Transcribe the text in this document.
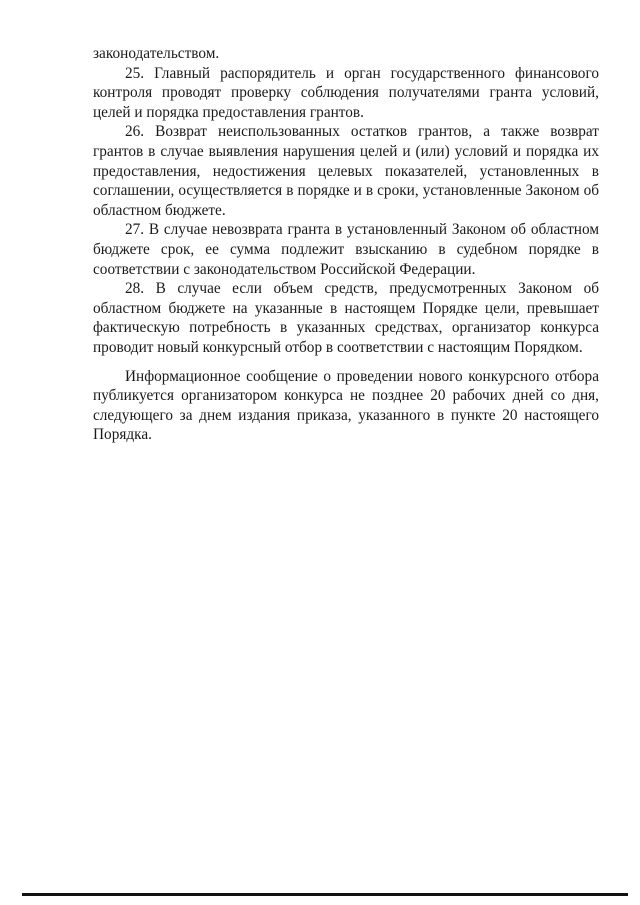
законодательством.

25. Главный распорядитель и орган государственного финансового контроля проводят проверку соблюдения получателями гранта условий, целей и порядка предоставления грантов.

26. Возврат неиспользованных остатков грантов, а также возврат грантов в случае выявления нарушения целей и (или) условий и порядка их предоставления, недостижения целевых показателей, установленных в соглашении, осуществляется в порядке и в сроки, установленные Законом об областном бюджете.

27. В случае невозврата гранта в установленный Законом об областном бюджете срок, ее сумма подлежит взысканию в судебном порядке в соответствии с законодательством Российской Федерации.

28. В случае если объем средств, предусмотренных Законом об областном бюджете на указанные в настоящем Порядке цели, превышает фактическую потребность в указанных средствах, организатор конкурса проводит новый конкурсный отбор в соответствии с настоящим Порядком.

Информационное сообщение о проведении нового конкурсного отбора публикуется организатором конкурса не позднее 20 рабочих дней со дня, следующего за днем издания приказа, указанного в пункте 20 настоящего Порядка.
